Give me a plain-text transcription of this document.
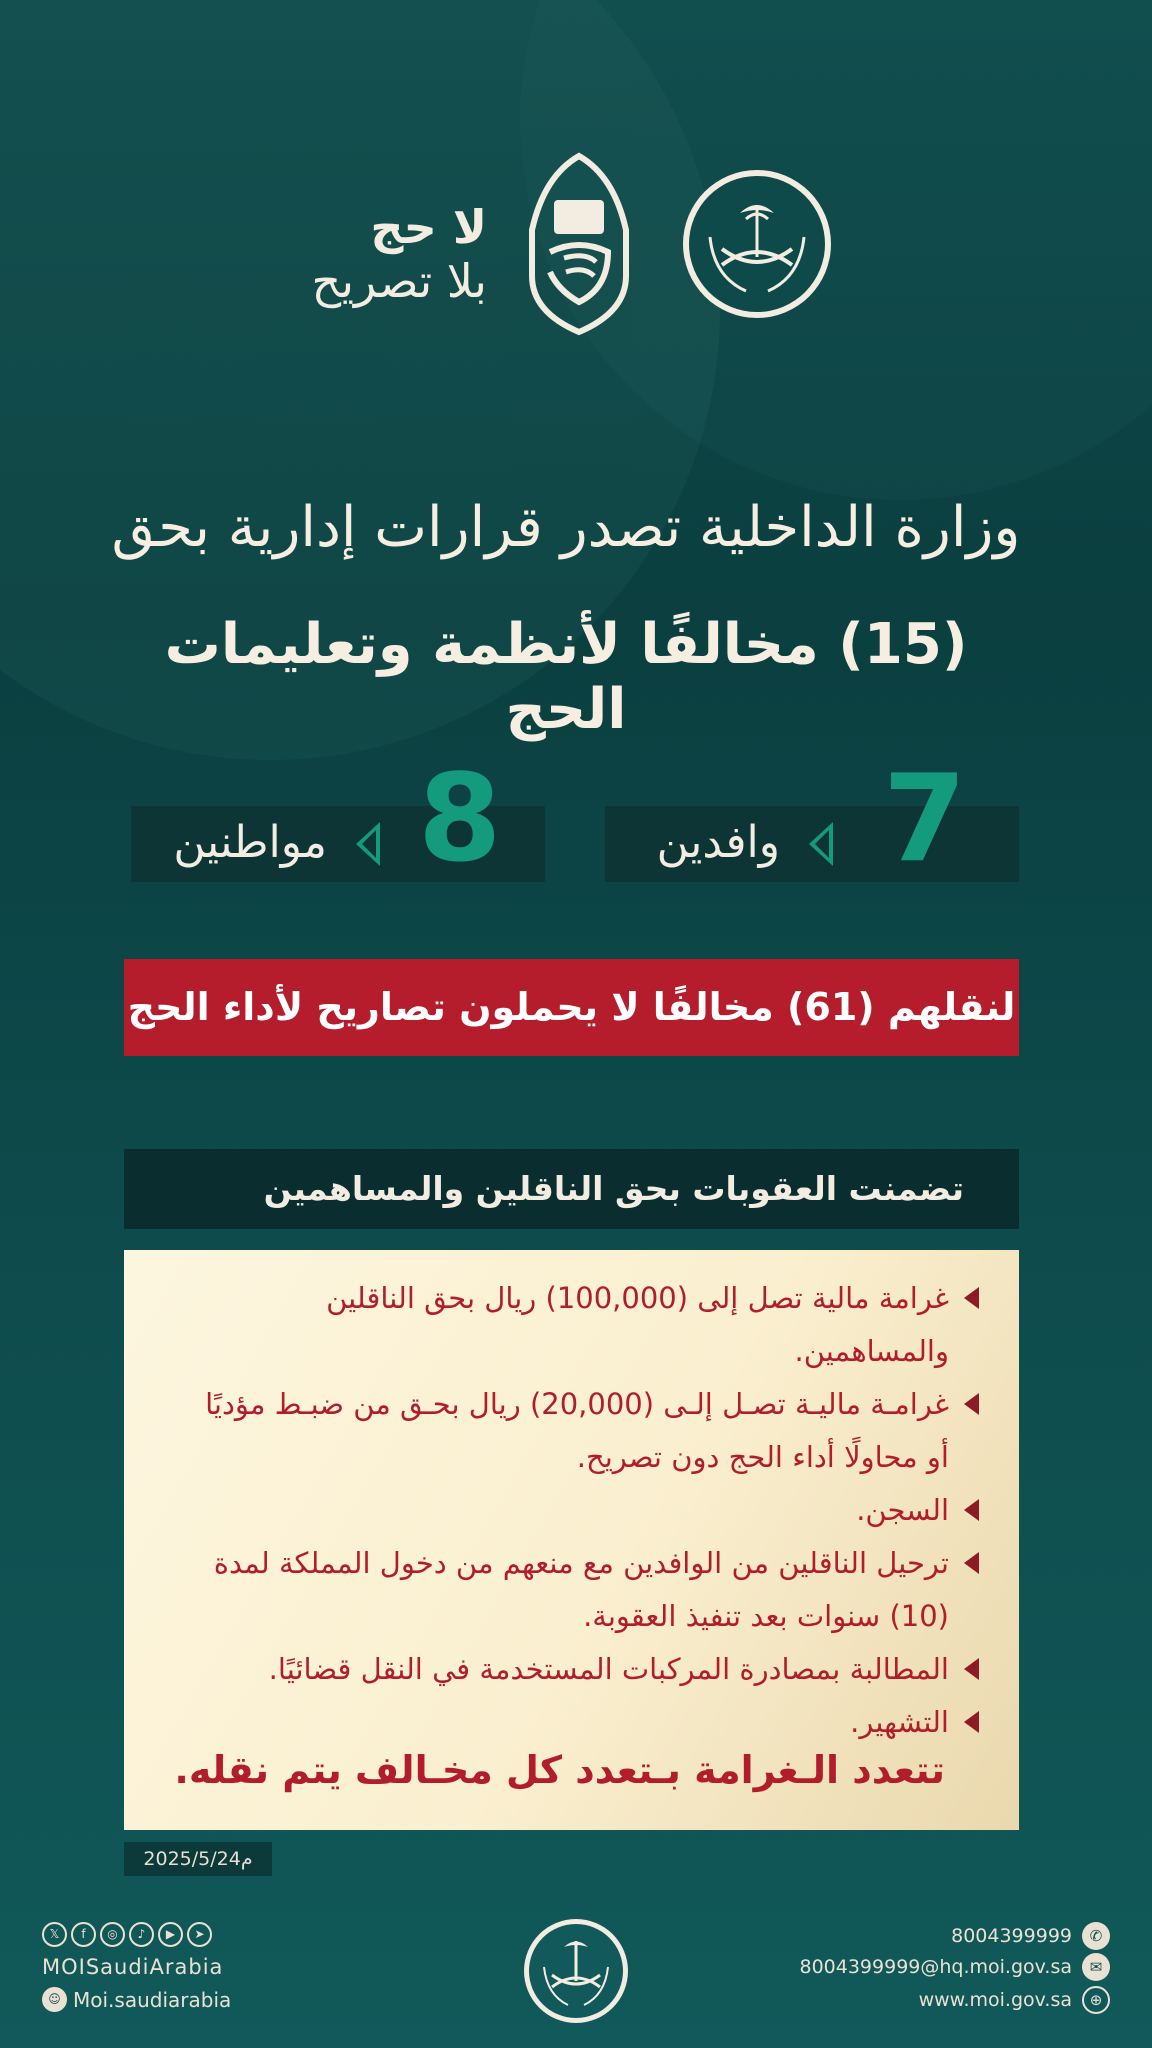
لا حج
بلا تصريح
وزارة الداخلية تصدر قرارات إدارية بحق
(15) مخالفًا لأنظمة وتعليمات الحج
7
وافدين
8
مواطنين
لنقلهم (61) مخالفًا لا يحملون تصاريح لأداء الحج
تضمنت العقوبات بحق الناقلين والمساهمين
غرامة مالية تصل إلى (100,000) ريال بحق الناقلين والمساهمين.
غرامـة ماليـة تصـل إلـى (20,000) ريال بحـق من ضبـط مؤديًا أو محاولًا أداء الحج دون تصريح.
السجن.
ترحيل الناقلين من الوافدين مع منعهم من دخول المملكة لمدة (10) سنوات بعد تنفيذ العقوبة.
المطالبة بمصادرة المركبات المستخدمة في النقل قضائيًا.
التشهير.
تتعدد الـغرامة بـتعدد كل مخـالف يتم نقله.
2025/5/24م
𝕏	f	◎	♪	▶	➤
MOISaudiArabia
☺ Moi.saudiarabia
8004399999	✆
8004399999@hq.moi.gov.sa	✉
www.moi.gov.sa	⊕
